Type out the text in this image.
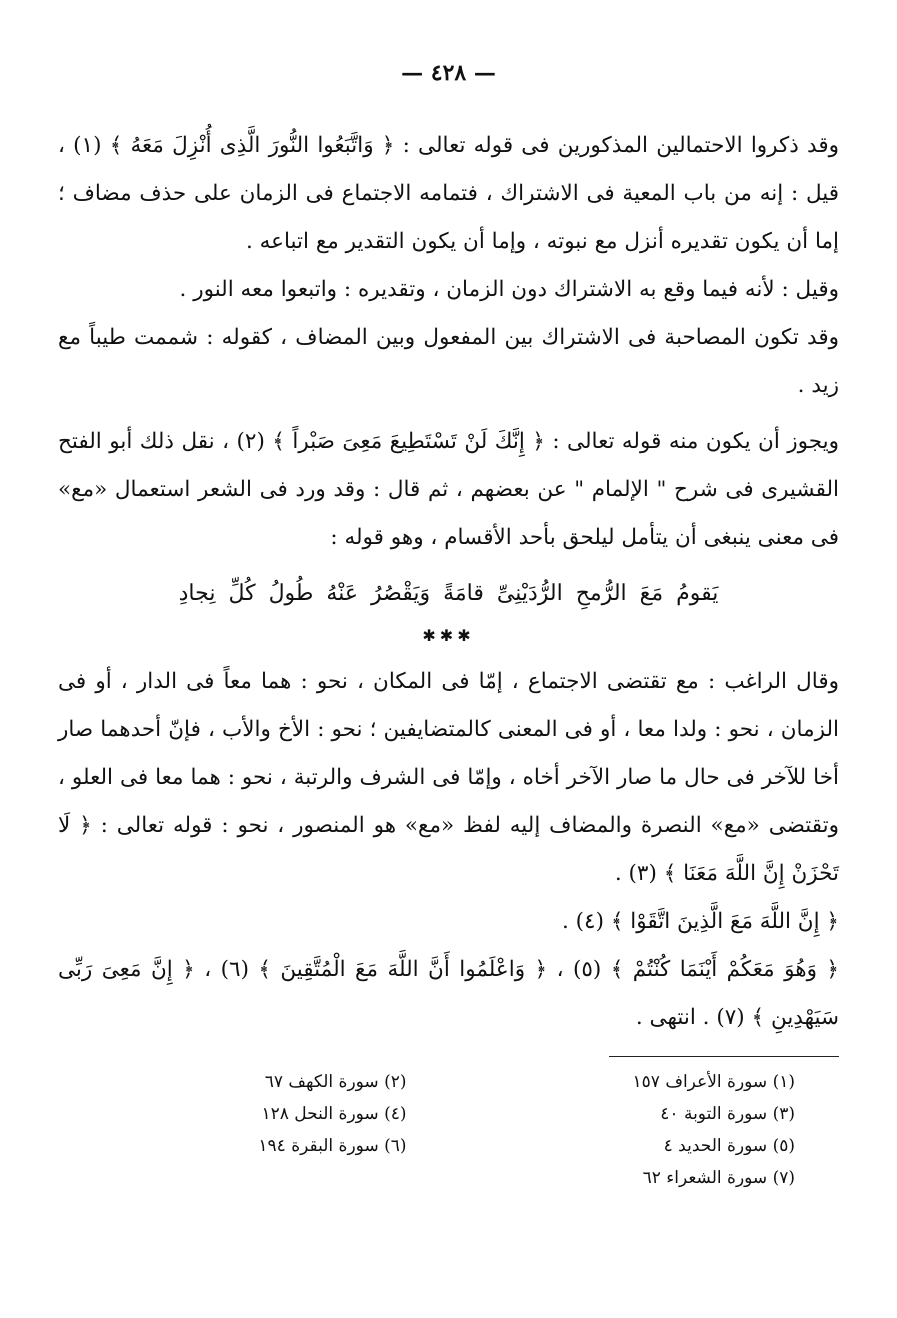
— ٤٢٨ —

وقد ذكروا الاحتمالين المذكورين فى قوله تعالى : ﴿ وَاتَّبَعُوا النُّورَ الَّذِى أُنْزِلَ مَعَهُ ﴾ (١) ، قيل : إنه من باب المعية فى الاشتراك ، فتمامه الاجتماع فى الزمان على حذف مضاف ؛ إما أن يكون تقديره أنزل مع نبوته ، وإما أن يكون التقدير مع اتباعه .

وقيل : لأنه فيما وقع به الاشتراك دون الزمان ، وتقديره : واتبعوا معه النور .

وقد تكون المصاحبة فى الاشتراك بين المفعول وبين المضاف ، كقوله : شممت طيباً مع زيد .

ويجوز أن يكون منه قوله تعالى : ﴿ إِنَّكَ لَنْ تَسْتَطِيعَ مَعِىَ صَبْراً ﴾ (٢) ، نقل ذلك أبو الفتح القشيرى فى شرح " الإلمام " عن بعضهم ، ثم قال : وقد ورد فى الشعر استعمال «مع» فى معنى ينبغى أن يتأمل ليلحق بأحد الأقسام ، وهو قوله :

يَقومُ مَعَ الرُّمحِ الرُّدَيْنِىِّ قامَةً وَيَقْصُرُ عَنْهُ طُولُ كُلِّ نِجادِ
✱✱✱

وقال الراغب : مع تقتضى الاجتماع ، إمّا فى المكان ، نحو : هما معاً فى الدار ، أو فى الزمان ، نحو : ولدا معا ، أو فى المعنى كالمتضايفين ؛ نحو : الأخ والأب ، فإنّ أحدهما صار أخا للآخر فى حال ما صار الآخر أخاه ، وإمّا فى الشرف والرتبة ، نحو : هما معا فى العلو ، وتقتضى «مع» النصرة والمضاف إليه لفظ «مع» هو المنصور ، نحو : قوله تعالى : ﴿ لَا تَحْزَنْ إِنَّ اللَّهَ مَعَنَا ﴾ (٣) .

﴿ إِنَّ اللَّهَ مَعَ الَّذِينَ اتَّقَوْا ﴾ (٤) .

﴿ وَهُوَ مَعَكُمْ أَيْنَمَا كُنْتُمْ ﴾ (٥) ، ﴿ وَاعْلَمُوا أَنَّ اللَّهَ مَعَ الْمُتَّقِينَ ﴾ (٦) ، ﴿ إِنَّ مَعِىَ رَبِّى سَيَهْدِينِ ﴾ (٧) . انتهى .

(١) سورة الأعراف ١٥٧
(٢) سورة الكهف ٦٧
(٣) سورة التوبة ٤٠
(٤) سورة النحل ١٢٨
(٥) سورة الحديد ٤
(٦) سورة البقرة ١٩٤
(٧) سورة الشعراء ٦٢
